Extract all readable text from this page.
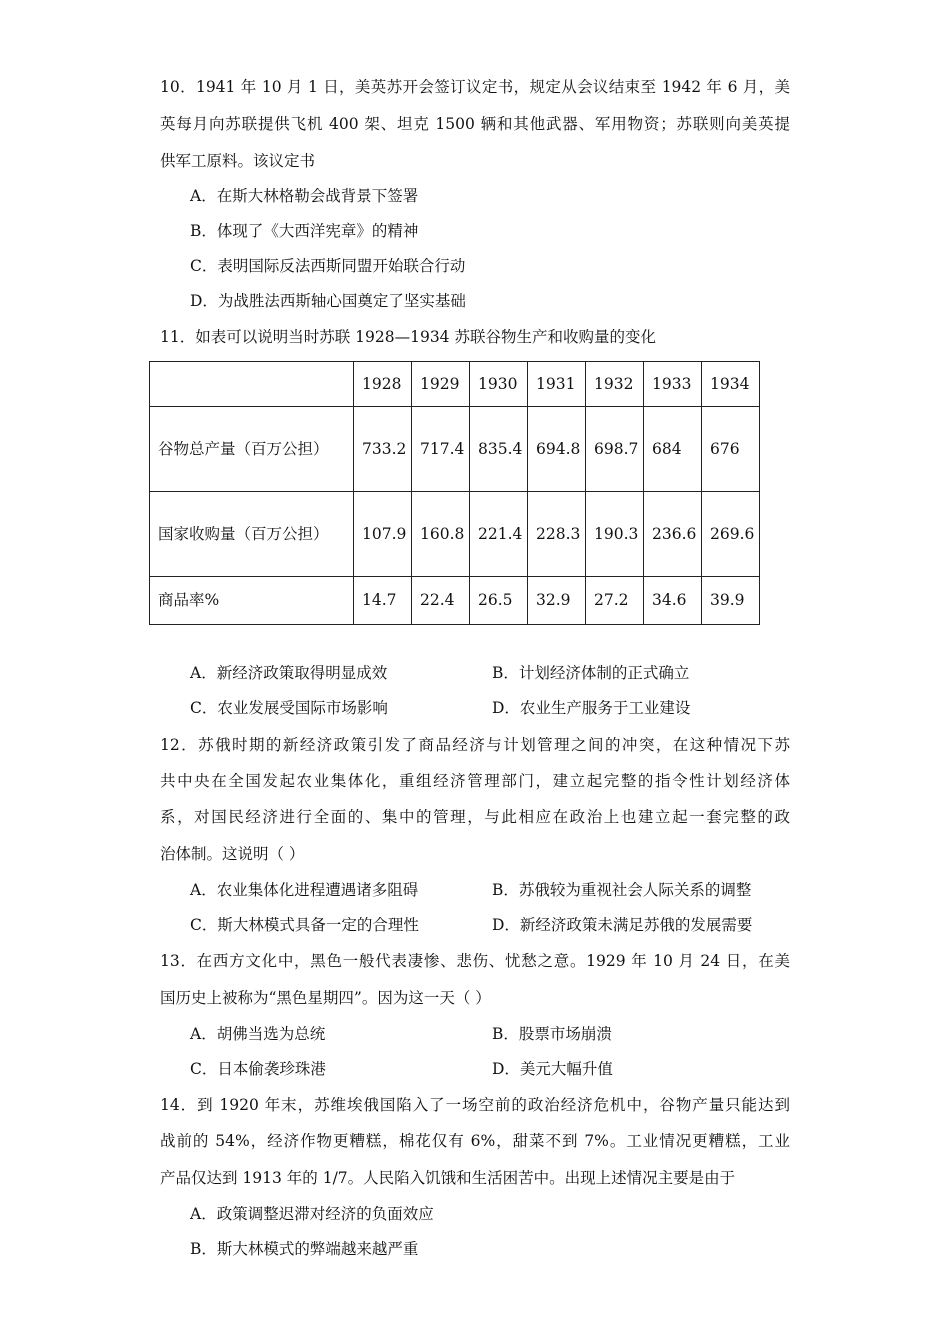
10．1941 年 10 月 1 日，美英苏开会签订议定书，规定从会议结束至 1942 年 6 月，美
英每月向苏联提供飞机 400 架、坦克 1500 辆和其他武器、军用物资；苏联则向美英提
供军工原料。该议定书
A．在斯大林格勒会战背景下签署
B．体现了《大西洋宪章》的精神
C．表明国际反法西斯同盟开始联合行动
D．为战胜法西斯轴心国奠定了坚实基础
11．如表可以说明当时苏联 1928—1934 苏联谷物生产和收购量的变化
	1928	1929	1930	1931	1932	1933	1934
谷物总产量（百万公担）	733.2	717.4	835.4	694.8	698.7	684	676
国家收购量（百万公担）	107.9	160.8	221.4	228.3	190.3	236.6	269.6
商品率%	14.7	22.4	26.5	32.9	27.2	34.6	39.9
A．新经济政策取得明显成效	B．计划经济体制的正式确立
C．农业发展受国际市场影响	D．农业生产服务于工业建设
12．苏俄时期的新经济政策引发了商品经济与计划管理之间的冲突，在这种情况下苏
共中央在全国发起农业集体化，重组经济管理部门，建立起完整的指令性计划经济体
系，对国民经济进行全面的、集中的管理，与此相应在政治上也建立起一套完整的政
治体制。这说明（ ）
A．农业集体化进程遭遇诸多阻碍	B．苏俄较为重视社会人际关系的调整
C．斯大林模式具备一定的合理性	D．新经济政策未满足苏俄的发展需要
13．在西方文化中，黑色一般代表凄惨、悲伤、忧愁之意。1929 年 10 月 24 日，在美
国历史上被称为“黑色星期四”。因为这一天（ ）
A．胡佛当选为总统	B．股票市场崩溃
C．日本偷袭珍珠港	D．美元大幅升值
14．到 1920 年末，苏维埃俄国陷入了一场空前的政治经济危机中，谷物产量只能达到
战前的 54%，经济作物更糟糕，棉花仅有 6%，甜菜不到 7%。工业情况更糟糕，工业
产品仅达到 1913 年的 1/7。人民陷入饥饿和生活困苦中。出现上述情况主要是由于
A．政策调整迟滞对经济的负面效应
B．斯大林模式的弊端越来越严重
